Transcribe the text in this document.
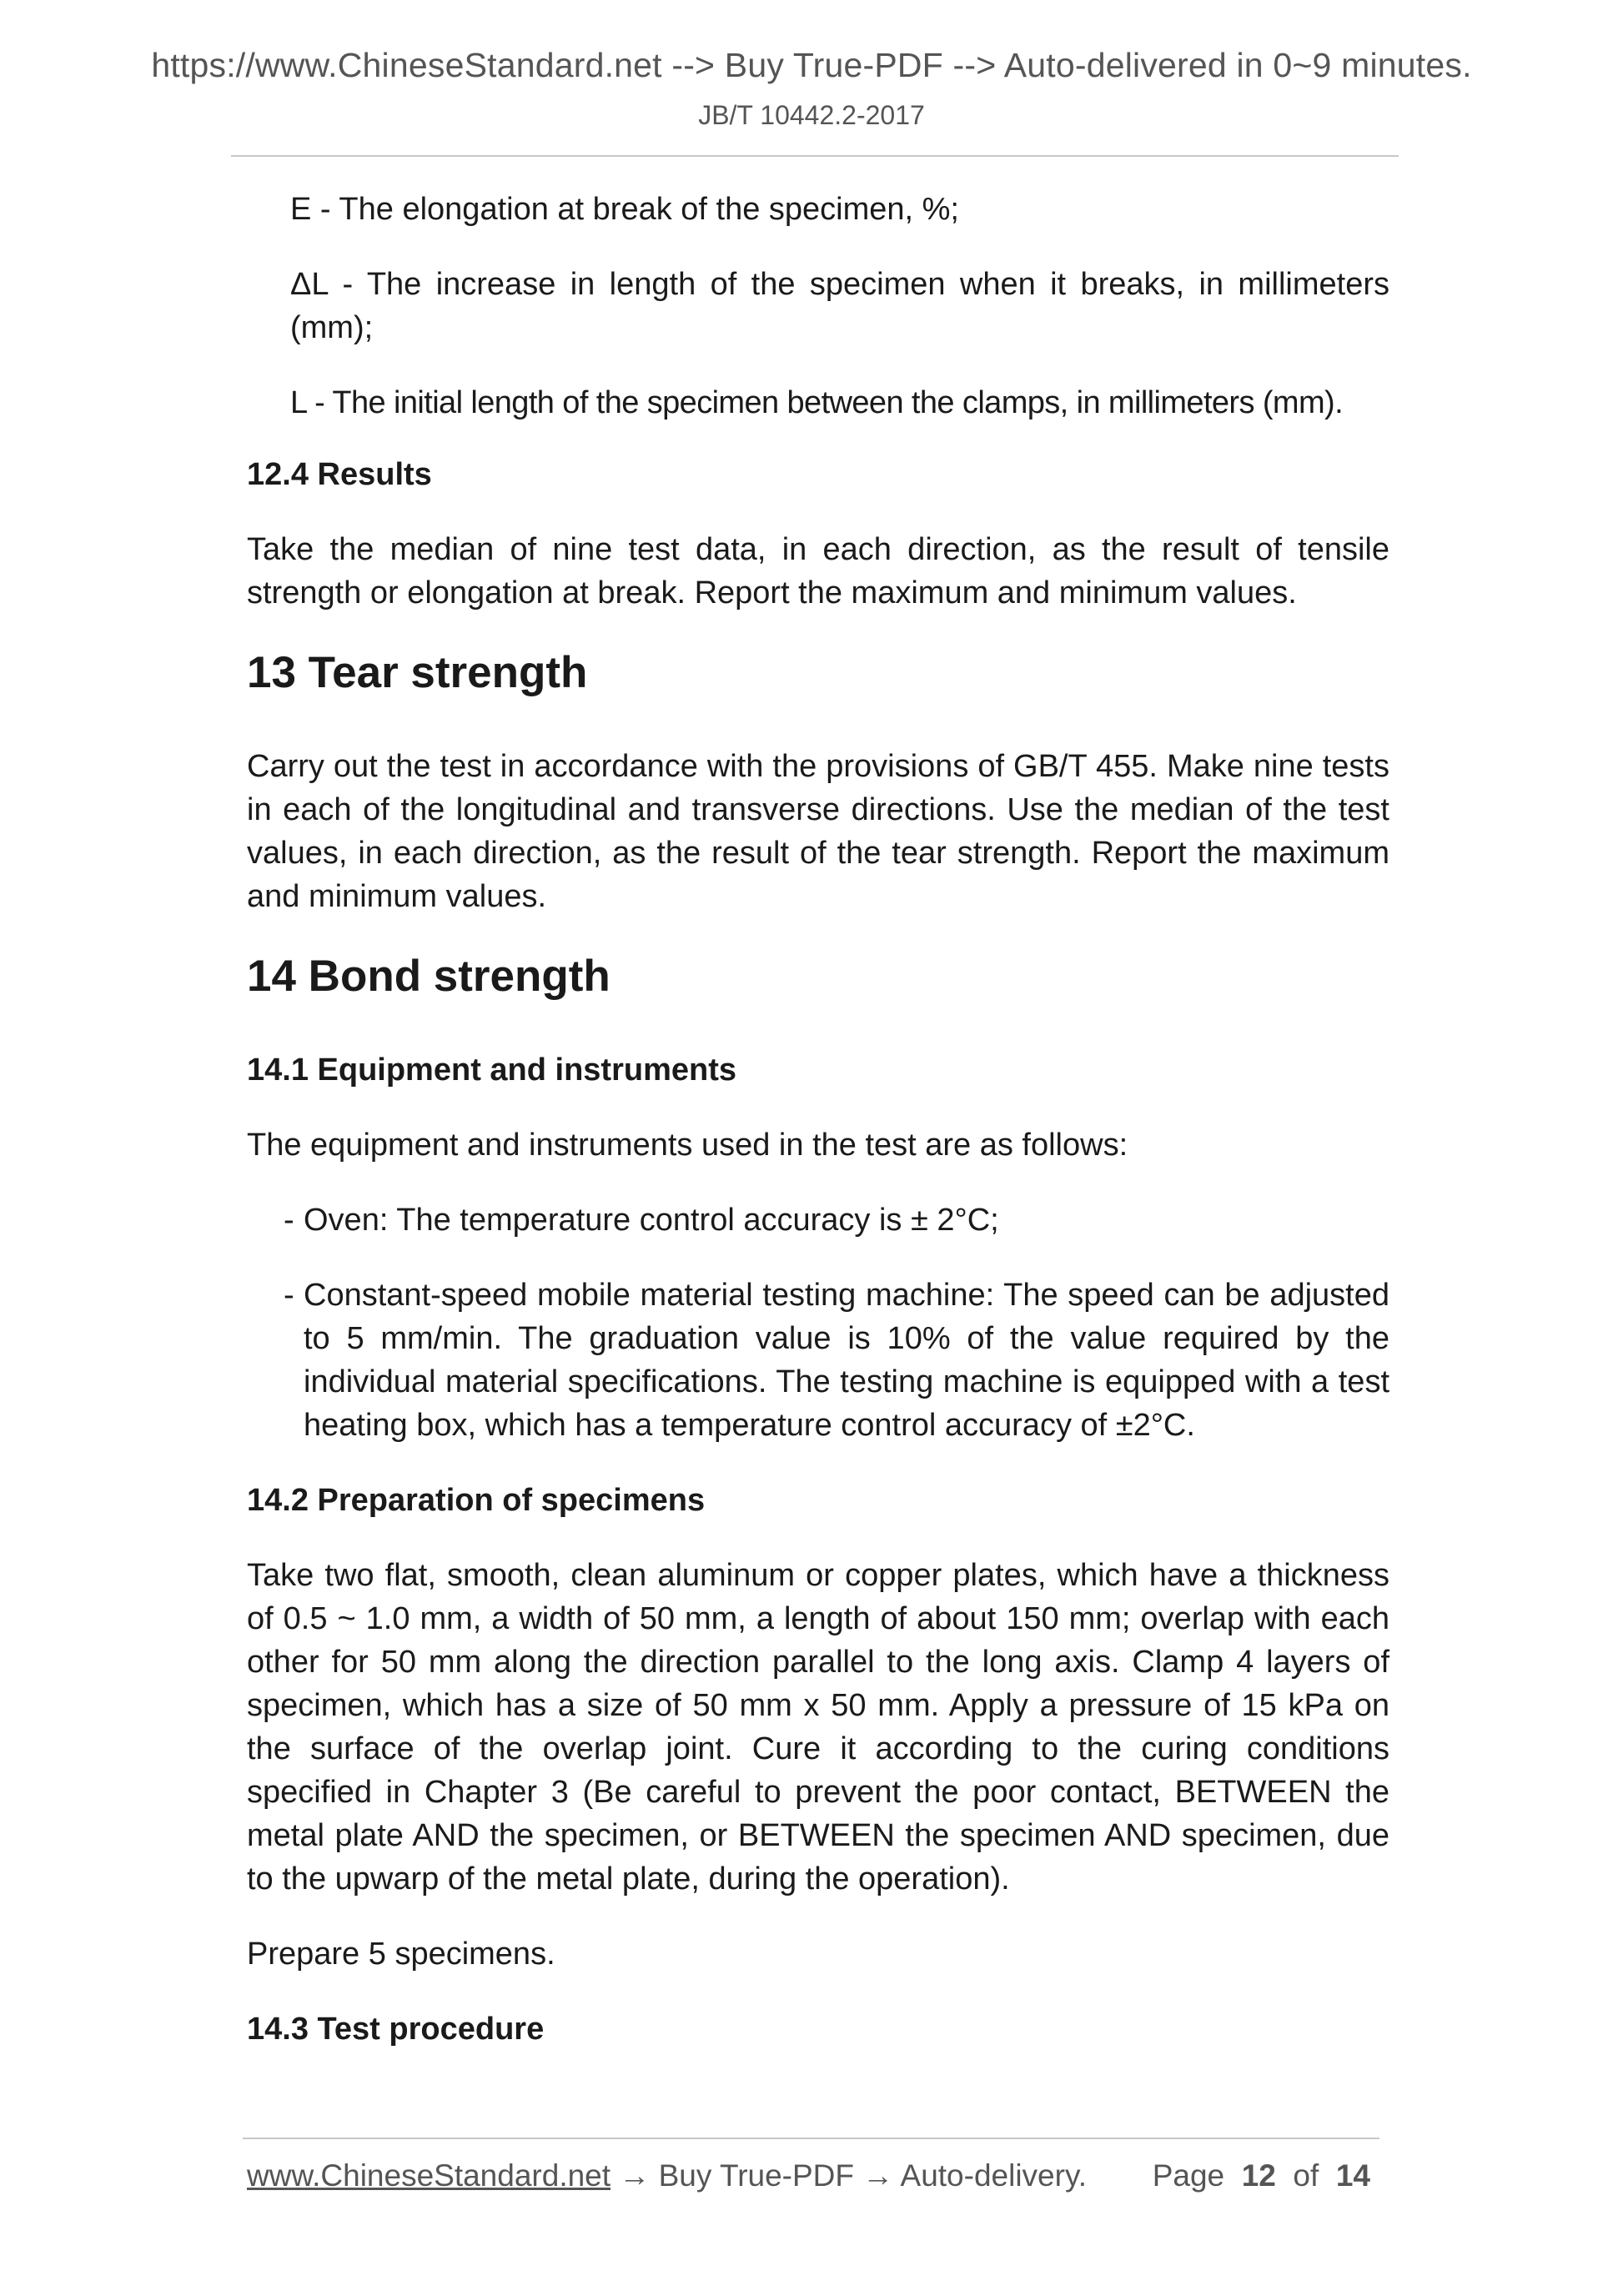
https://www.ChineseStandard.net --> Buy True-PDF --> Auto-delivered in 0~9 minutes.
JB/T 10442.2-2017

E - The elongation at break of the specimen, %;

ΔL - The increase in length of the specimen when it breaks, in millimeters (mm);

L - The initial length of the specimen between the clamps, in millimeters (mm).

12.4 Results

Take the median of nine test data, in each direction, as the result of tensile strength or elongation at break. Report the maximum and minimum values.

13 Tear strength

Carry out the test in accordance with the provisions of GB/T 455. Make nine tests in each of the longitudinal and transverse directions. Use the median of the test values, in each direction, as the result of the tear strength. Report the maximum and minimum values.

14 Bond strength
14.1 Equipment and instruments

The equipment and instruments used in the test are as follows:

- Oven: The temperature control accuracy is ± 2°C;
- Constant-speed mobile material testing machine: The speed can be adjusted to 5 mm/min. The graduation value is 10% of the value required by the individual material specifications. The testing machine is equipped with a test heating box, which has a temperature control accuracy of ±2°C.
14.2 Preparation of specimens

Take two flat, smooth, clean aluminum or copper plates, which have a thickness of 0.5 ~ 1.0 mm, a width of 50 mm, a length of about 150 mm; overlap with each other for 50 mm along the direction parallel to the long axis. Clamp 4 layers of specimen, which has a size of 50 mm x 50 mm. Apply a pressure of 15 kPa on the surface of the overlap joint. Cure it according to the curing conditions specified in Chapter 3 (Be careful to prevent the poor contact, BETWEEN the metal plate AND the specimen, or BETWEEN the specimen AND specimen, due to the upwarp of the metal plate, during the operation).

Prepare 5 specimens.

14.3 Test procedure
www.ChineseStandard.net → Buy True-PDF → Auto-delivery. Page 12 of 14
